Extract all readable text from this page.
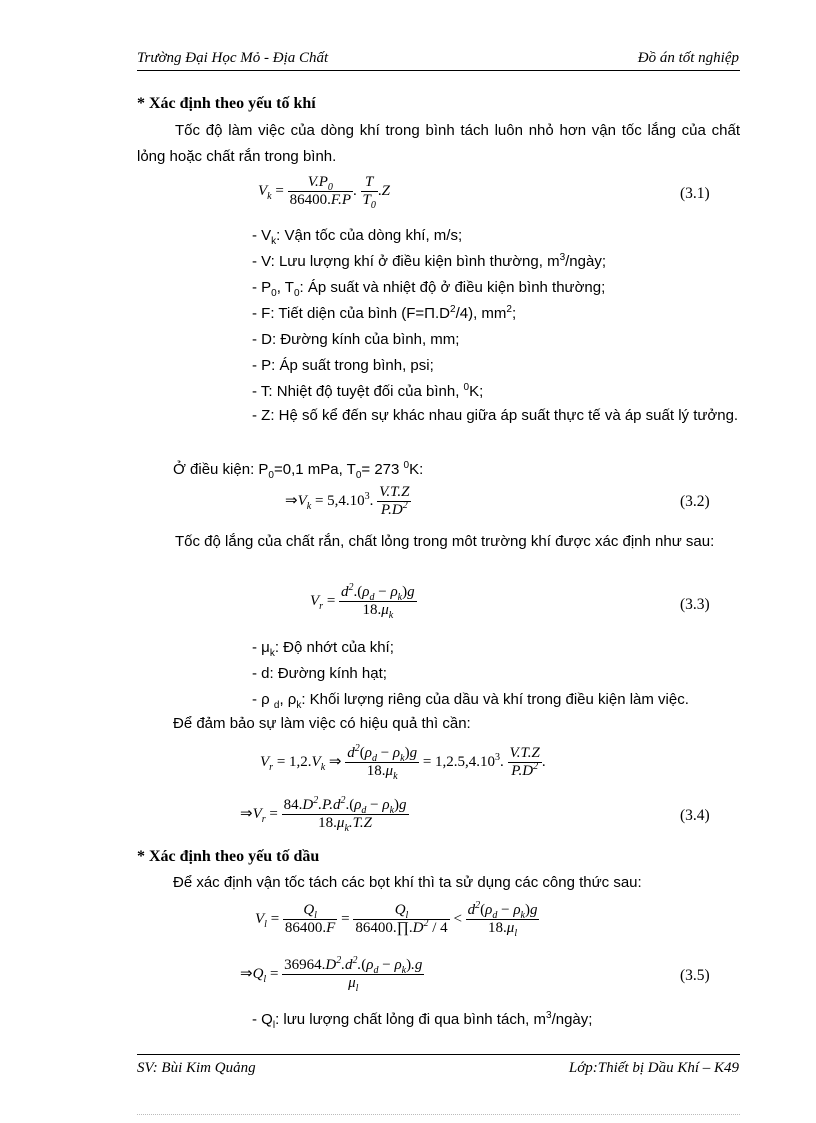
Trường Đại Học Mỏ - Địa Chất	Đồ án tốt nghiệp
* Xác định theo yếu tố khí
Tốc độ làm việc của dòng khí trong bình tách luôn nhỏ hơn vận tốc lắng của chất lỏng hoặc chất rắn trong bình.
$V_k = \frac{V.P_0}{86400.F.P}$ . $\frac{T}{T_0} .Z$	(3.1)
- $V_k$: Vận tốc của dòng khí, m/s;
- V: Lưu lượng khí ở điều kiện bình thường, $m^3$/ngày;
- $P_0$, $T_0$: Áp suất và nhiệt độ ở điều kiện bình thường;
- F: Tiết diện của bình $(F=\Pi.D^2/4)$, $mm^2$;
- D: Đường kính của bình, mm;
- P: Áp suất trong bình, psi;
- T: Nhiệt độ tuyệt đối của bình, $^0$K;
- Z: Hệ số kể đến sự khác nhau giữa áp suất thực tế và áp suất lý tưởng.
Ở điều kiện: $P_0=0,1$ mPa, $T_0= 273$ $^0$K:
$\Rightarrow V_k = 5,4.10^3$. $\frac{V.T.Z}{P.D^2}$	(3.2)
Tốc độ lắng của chất rắn, chất lỏng trong môt trường khí được xác định như sau:
$V_r = \frac{d^2.(\rho_d - \rho_k)g}{18.\mu_k}$	(3.3)
- $\mu_k$: Độ nhớt của khí;
- d: Đường kính hạt;
- ρ $_d$, $\rho_k$: Khối lượng riêng của dầu và khí trong điều kiện làm việc.
Để đảm bảo sự làm việc có hiệu quả thì cần:
$V_r = 1,2.V_k$ ⇒ $\frac{d^2(\rho_d - \rho_k)g}{18.\mu_k} = 1,2.5,4.10^3$. $\frac{V.T.Z}{P.D^2}$ .
$\Rightarrow V_r = \frac{84.D^2.P.d^2.(\rho_d - \rho_k)g}{18.\mu_k.T.Z}$	(3.4)
* Xác định theo yếu tố dầu
Để xác định vận tốc tách các bọt khí thì ta sử dụng các công thức sau:
$V_l = \frac{Q_l}{86400.F} = \frac{Q_l}{86400.\prod.D^2 / 4} < \frac{d^2(\rho_d - \rho_k)g}{18.\mu_l}$
$\Rightarrow Q_l = \frac{36964.D^2.d^2.(\rho_d - \rho_k).g}{\mu_l}$	(3.5)
- $Q_l$: lưu lượng chất lỏng đi qua bình tách, $m^3$/ngày;
SV: Bùi Kim Quảng	Lớp:Thiết bị Dầu Khí – K49
